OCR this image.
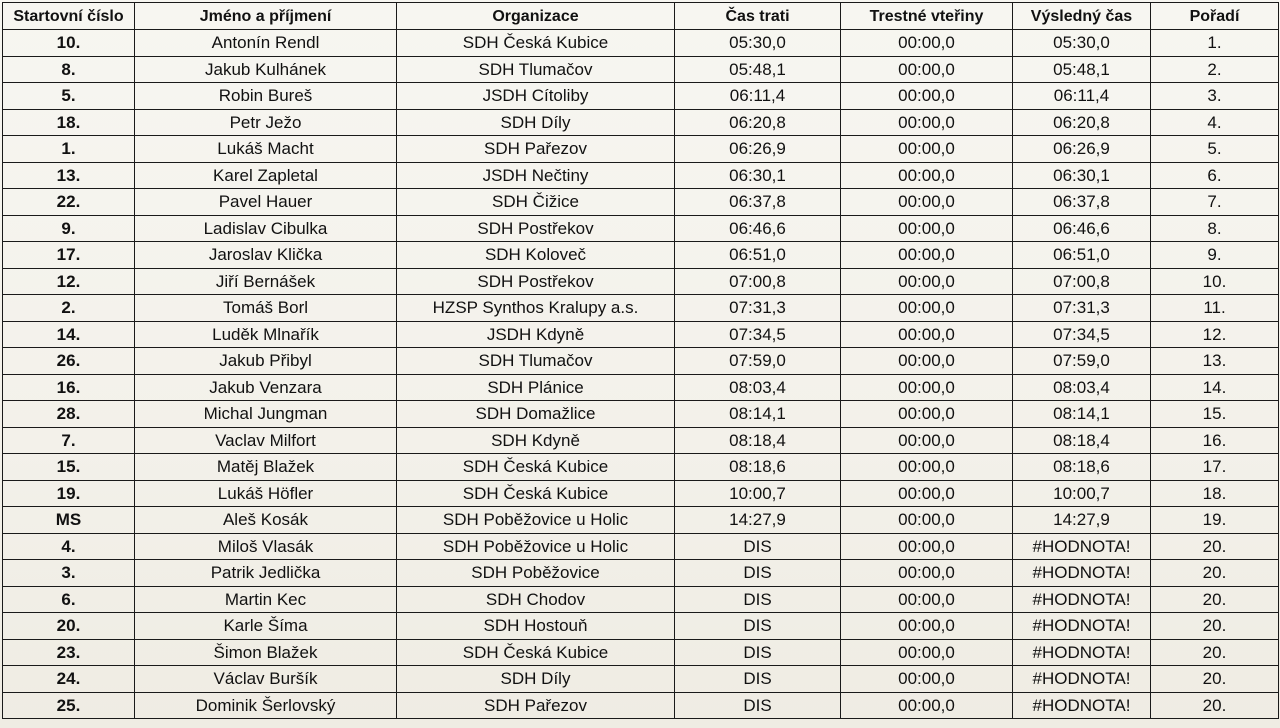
Startovní číslo	Jméno a příjmení	Organizace	Čas trati	Trestné vteřiny	Výsledný čas	Pořadí
10.	Antonín Rendl	SDH Česká Kubice	05:30,0	00:00,0	05:30,0	1.
8.	Jakub Kulhánek	SDH Tlumačov	05:48,1	00:00,0	05:48,1	2.
5.	Robin Bureš	JSDH Cítoliby	06:11,4	00:00,0	06:11,4	3.
18.	Petr Ježo	SDH Díly	06:20,8	00:00,0	06:20,8	4.
1.	Lukáš Macht	SDH Pařezov	06:26,9	00:00,0	06:26,9	5.
13.	Karel Zapletal	JSDH Nečtiny	06:30,1	00:00,0	06:30,1	6.
22.	Pavel Hauer	SDH Čižice	06:37,8	00:00,0	06:37,8	7.
9.	Ladislav Cibulka	SDH Postřekov	06:46,6	00:00,0	06:46,6	8.
17.	Jaroslav Klička	SDH Koloveč	06:51,0	00:00,0	06:51,0	9.
12.	Jiří Bernášek	SDH Postřekov	07:00,8	00:00,0	07:00,8	10.
2.	Tomáš Borl	HZSP Synthos Kralupy a.s.	07:31,3	00:00,0	07:31,3	11.
14.	Luděk Mlnařík	JSDH Kdyně	07:34,5	00:00,0	07:34,5	12.
26.	Jakub Přibyl	SDH Tlumačov	07:59,0	00:00,0	07:59,0	13.
16.	Jakub Venzara	SDH Plánice	08:03,4	00:00,0	08:03,4	14.
28.	Michal Jungman	SDH Domažlice	08:14,1	00:00,0	08:14,1	15.
7.	Vaclav Milfort	SDH Kdyně	08:18,4	00:00,0	08:18,4	16.
15.	Matěj Blažek	SDH Česká Kubice	08:18,6	00:00,0	08:18,6	17.
19.	Lukáš Höfler	SDH Česká Kubice	10:00,7	00:00,0	10:00,7	18.
MS	Aleš Kosák	SDH Poběžovice u Holic	14:27,9	00:00,0	14:27,9	19.
4.	Miloš Vlasák	SDH Poběžovice u Holic	DIS	00:00,0	#HODNOTA!	20.
3.	Patrik Jedlička	SDH Poběžovice	DIS	00:00,0	#HODNOTA!	20.
6.	Martin Kec	SDH Chodov	DIS	00:00,0	#HODNOTA!	20.
20.	Karle Šíma	SDH Hostouň	DIS	00:00,0	#HODNOTA!	20.
23.	Šimon Blažek	SDH Česká Kubice	DIS	00:00,0	#HODNOTA!	20.
24.	Václav Buršík	SDH Díly	DIS	00:00,0	#HODNOTA!	20.
25.	Dominik Šerlovský	SDH Pařezov	DIS	00:00,0	#HODNOTA!	20.
